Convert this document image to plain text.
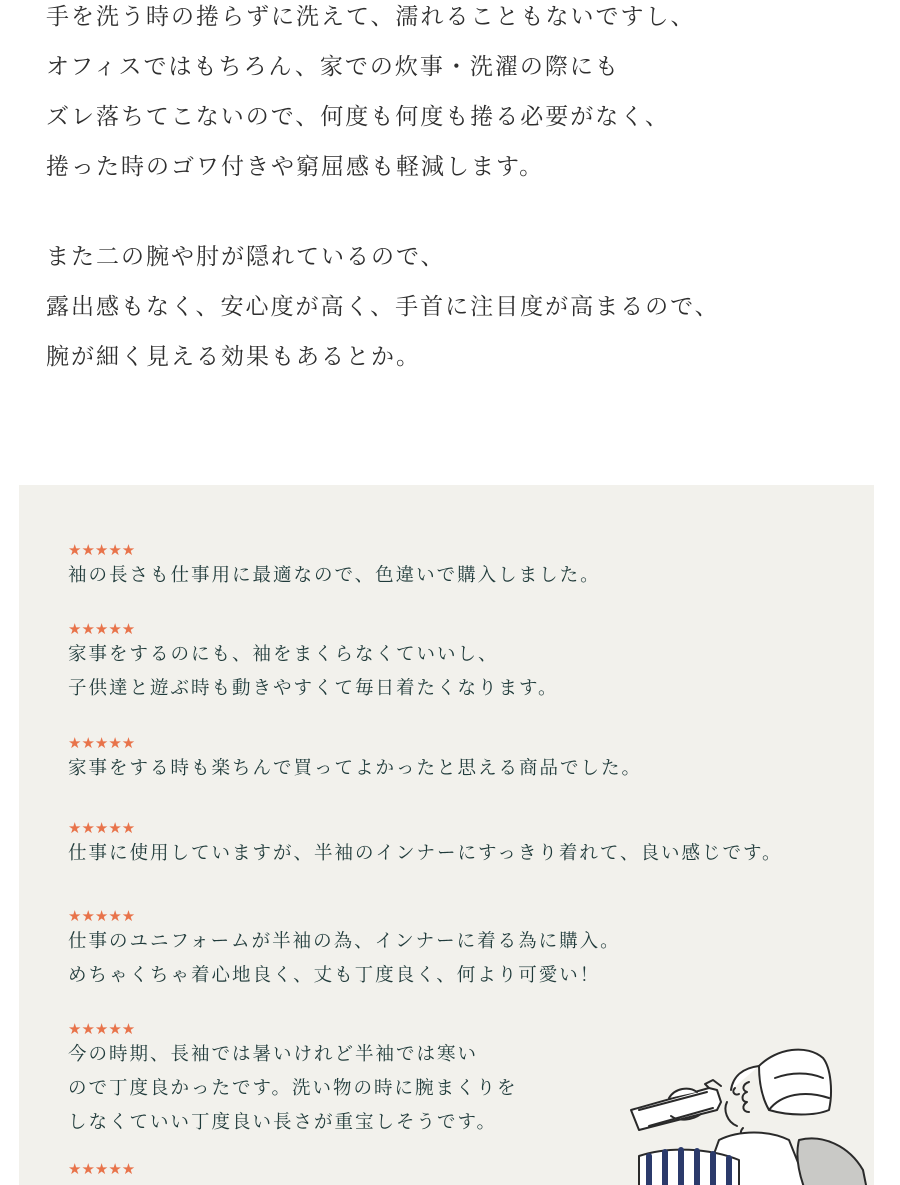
手を洗う時の捲らずに洗えて、濡れることもないですし、
オフィスではもちろん、家での炊事・洗濯の際にも
ズレ落ちてこないので、何度も何度も捲る必要がなく、
捲った時のゴワ付きや窮屈感も軽減します。

また二の腕や肘が隠れているので、
露出感もなく、安心度が高く、手首に注目度が高まるので、
腕が細く見える効果もあるとか。

★★★★★
袖の長さも仕事用に最適なので、色違いで購入しました。
★★★★★
家事をするのにも、袖をまくらなくていいし、
子供達と遊ぶ時も動きやすくて毎日着たくなります。
★★★★★
家事をする時も楽ちんで買ってよかったと思える商品でした。
★★★★★
仕事に使用していますが、半袖のインナーにすっきり着れて、良い感じです。
★★★★★
仕事のユニフォームが半袖の為、インナーに着る為に購入。
めちゃくちゃ着心地良く、丈も丁度良く、何より可愛い！
★★★★★
今の時期、長袖では暑いけれど半袖では寒い
ので丁度良かったです。洗い物の時に腕まくりを
しなくていい丁度良い長さが重宝しそうです。
★★★★★
